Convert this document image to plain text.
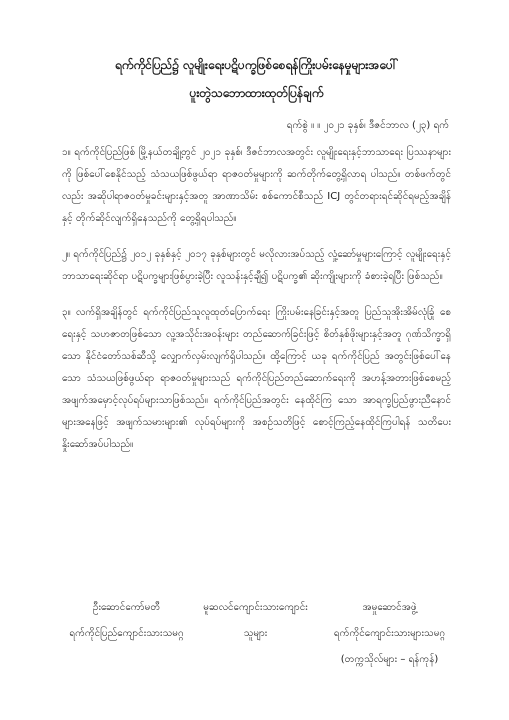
ရက်ကိုင်ပြည်၌ လူမျိုးရေးပဋိပက္ခဖြစ်စေရန်ကြိုးပမ်းနေမှုများအပေါ်
ပူးတွဲသဘောထားထုတ်ပြန်ချက်
ရက်စွဲ ။ ။ ၂၀၂၁ ခုနှစ်၊ ဒီဇင်ဘာလ (၂၃) ရက်

၁။ ရက်ကိုင်ပြည်ဖြစ် မြို့နယ်တချို့တွင် ၂၀၂၁ ခုနှစ်၊ ဒီဇင်ဘာလအတွင်း လူမျိုးရေးနှင့်ဘာသာရေး ပြဿနာများကို ဖြစ်ပေါ်စေနိုင်သည့် သံသယဖြစ်ဖွယ်ရာ ရာဇဝတ်မှုများကို ဆက်တိုက်တွေ့ရှိလာရ ပါသည်။ တစ်ဖက်တွင်လည်း အဆိုပါရာဇဝတ်မှုခင်းများနှင့်အတူ အာဏာသိမ်း စစ်ကောင်စီသည် ICJ တွင်တရားရင်ဆိုင်ရမည့်အချိန်နှင့် တိုက်ဆိုင်လျက်ရှိနေသည်ကို တွေ့ရှိရပါသည်။

၂။ ရက်ကိုင်ပြည်၌ ၂၀၁၂ ခုနှစ်နှင့် ၂၀၁၇ ခုနှစ်များတွင် မလိုလားအပ်သည့် လှုံ့ဆော်မှုများကြောင့် လူမျိုးရေးနှင့်ဘာသာရေးဆိုင်ရာ ပဋိပက္ခများဖြစ်ပွားခဲ့ပြီး လူသန်းနှင့်ချီ၍ ပဋိပက္ခ၏ ဆိုးကျိုးများကို ခံစားခဲ့ရပြီး ဖြစ်သည်။

၃။ လက်ရှိအချိန်တွင် ရက်ကိုင်ပြည်သူလူထုတ်ပြောက်ရေး ကြိုးပမ်းနေခြင်းနှင့်အတူ ပြည်သူအိုးအိမ်လုံခြုံ စေရေးနှင့် သဟဇာတဖြစ်သော လူ့အသိုင်းအဝန်းများ တည်ဆောက်ခြင်းဖြင့် စိတ်နှစ်ဖိုးများနှင့်အတူ ဂုဏ်သိက္ခာရှိသော နိုင်ငံတော်သစ်ဆီသို့ လျှောက်လှမ်းလျက်ရှိပါသည်။ ထို့ကြောင့် ယခု ရက်ကိုင်ပြည် အတွင်းဖြစ်ပေါ်နေသော သံသယဖြစ်ဖွယ်ရာ ရာဇဝတ်မှုများသည် ရက်ကိုင်ပြည်တည်ဆောက်ရေးကို အဟန့်အတားဖြစ်စေမည့် အဖျက်အမှောင့်လုပ်ရပ်များသာဖြစ်သည်။ ရက်ကိုင်ပြည်အတွင်း နေထိုင်ကြ သော အာရက္ခပြည်ဖွားညီနောင်များအနေဖြင့် အဖျက်သမားများ၏ လုပ်ရပ်များကို အစဉ်သတိဖြင့် စောင့်ကြည့်နေထိုင်ကြပါရန် သတိပေးနှိုးဆော်အပ်ပါသည်။

ဦးဆောင်ကော်မတီ
ရက်ကိုင်ပြည်ကျောင်းသားသမဂ္ဂ
မူဆလင်ကျောင်းသားကျောင်း
သူများ
အမှုဆောင်အဖွဲ့
ရက်ကိုင်ကျောင်းသားများသမဂ္ဂ
(တက္ကသိုလ်များ – ရန်ကုန်)
